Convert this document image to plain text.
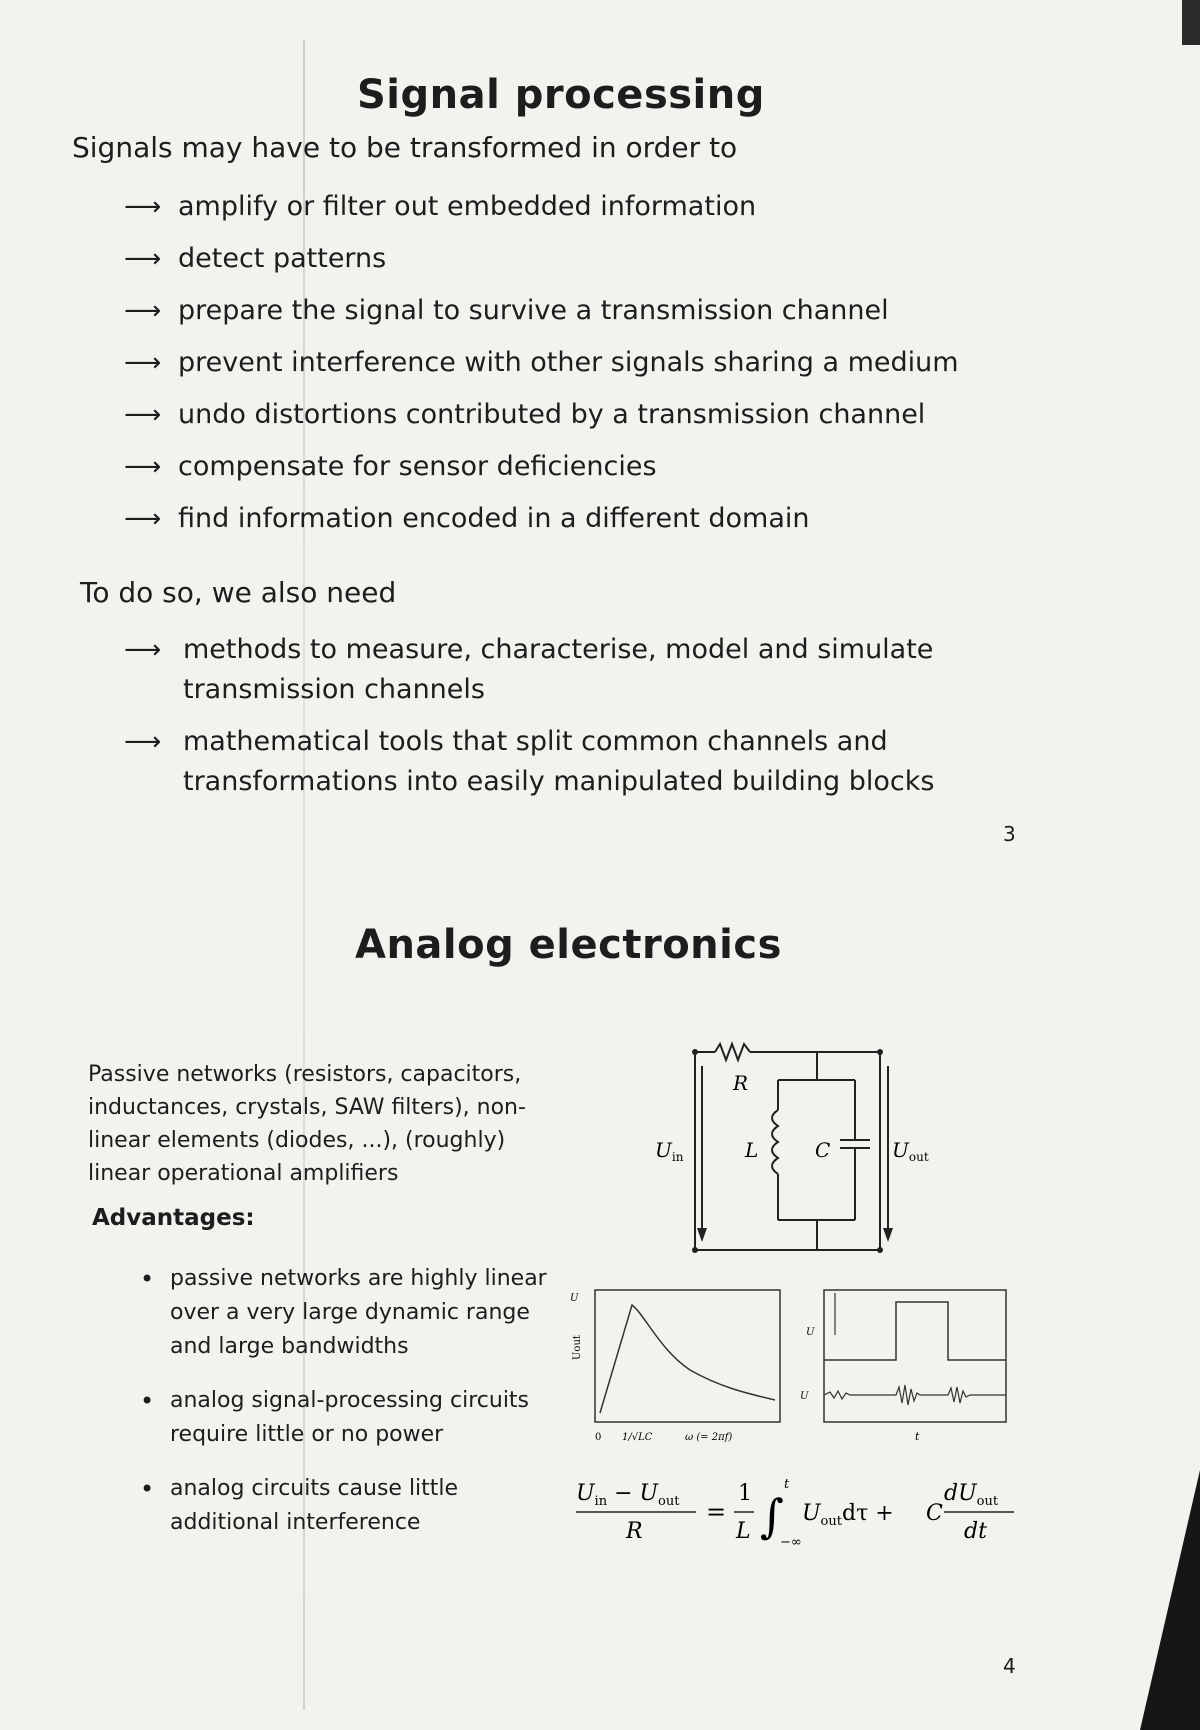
Signal processing

Signals may have to be transformed in order to

⟶ amplify or filter out embedded information
⟶ detect patterns
⟶ prepare the signal to survive a transmission channel
⟶ prevent interference with other signals sharing a medium
⟶ undo distortions contributed by a transmission channel
⟶ compensate for sensor deficiencies
⟶ find information encoded in a different domain

To do so, we also need

⟶ methods to measure, characterise, model and simulate transmission channels
⟶ mathematical tools that split common channels and transformations into easily manipulated building blocks
3
Analog electronics

Passive networks (resistors, capacitors, inductances, crystals, SAW filters), non-linear elements (diodes, ...), (roughly) linear operational amplifiers

Advantages:
• passive networks are highly linear over a very large dynamic range and large bandwidths
• analog signal-processing circuits require little or no power
• analog circuits cause little additional interference
R
L	C
$U_{in}$	$U_{out}$
U
Uout
0 1/√LC	ω (= 2πf)
U
U
t
$U_{in} - U_{out}$
R
=
1
L ∫
t
−∞
$U_{out}d\tau + C$
$dU_{out}$
dt
4
